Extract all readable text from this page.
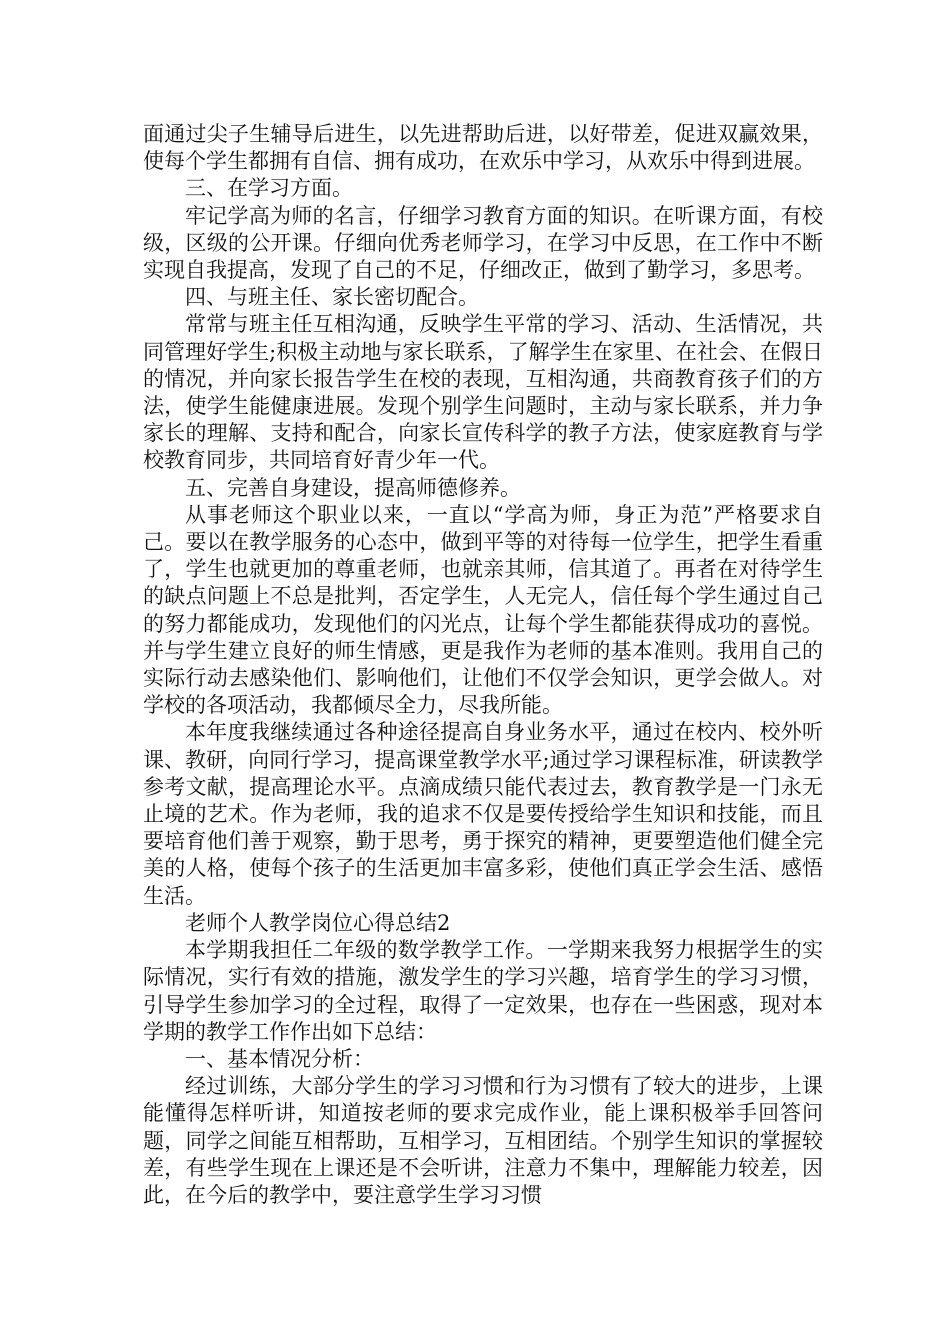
面通过尖子生辅导后进生，以先进帮助后进，以好带差，促进双赢效果，使每个学生都拥有自信、拥有成功，在欢乐中学习，从欢乐中得到进展。

三、在学习方面。

牢记学高为师的名言，仔细学习教育方面的知识。在听课方面，有校级，区级的公开课。仔细向优秀老师学习，在学习中反思，在工作中不断实现自我提高，发现了自己的不足，仔细改正，做到了勤学习，多思考。

四、与班主任、家长密切配合。

常常与班主任互相沟通，反映学生平常的学习、活动、生活情况，共同管理好学生;积极主动地与家长联系，了解学生在家里、在社会、在假日的情况，并向家长报告学生在校的表现，互相沟通，共商教育孩子们的方法，使学生能健康进展。发现个别学生问题时，主动与家长联系，并力争家长的理解、支持和配合，向家长宣传科学的教子方法，使家庭教育与学校教育同步，共同培育好青少年一代。

五、完善自身建设，提高师德修养。

从事老师这个职业以来，一直以“学高为师，身正为范”严格要求自己。要以在教学服务的心态中，做到平等的对待每一位学生，把学生看重了，学生也就更加的尊重老师，也就亲其师，信其道了。再者在对待学生的缺点问题上不总是批判，否定学生，人无完人，信任每个学生通过自己的努力都能成功，发现他们的闪光点，让每个学生都能获得成功的喜悦。并与学生建立良好的师生情感，更是我作为老师的基本准则。我用自己的实际行动去感染他们、影响他们，让他们不仅学会知识，更学会做人。对学校的各项活动，我都倾尽全力，尽我所能。

本年度我继续通过各种途径提高自身业务水平，通过在校内、校外听课、教研，向同行学习，提高课堂教学水平;通过学习课程标准，研读教学参考文献，提高理论水平。点滴成绩只能代表过去，教育教学是一门永无止境的艺术。作为老师，我的追求不仅是要传授给学生知识和技能，而且要培育他们善于观察，勤于思考，勇于探究的精神，更要塑造他们健全完美的人格，使每个孩子的生活更加丰富多彩，使他们真正学会生活、感悟生活。

老师个人教学岗位心得总结2

本学期我担任二年级的数学教学工作。一学期来我努力根据学生的实际情况，实行有效的措施，激发学生的学习兴趣，培育学生的学习习惯，引导学生参加学习的全过程，取得了一定效果，也存在一些困惑，现对本学期的教学工作作出如下总结：

一、基本情况分析：

经过训练，大部分学生的学习习惯和行为习惯有了较大的进步，上课能懂得怎样听讲，知道按老师的要求完成作业，能上课积极举手回答问题，同学之间能互相帮助，互相学习，互相团结。个别学生知识的掌握较差，有些学生现在上课还是不会听讲，注意力不集中，理解能力较差，因此，在今后的教学中，要注意学生学习习惯
